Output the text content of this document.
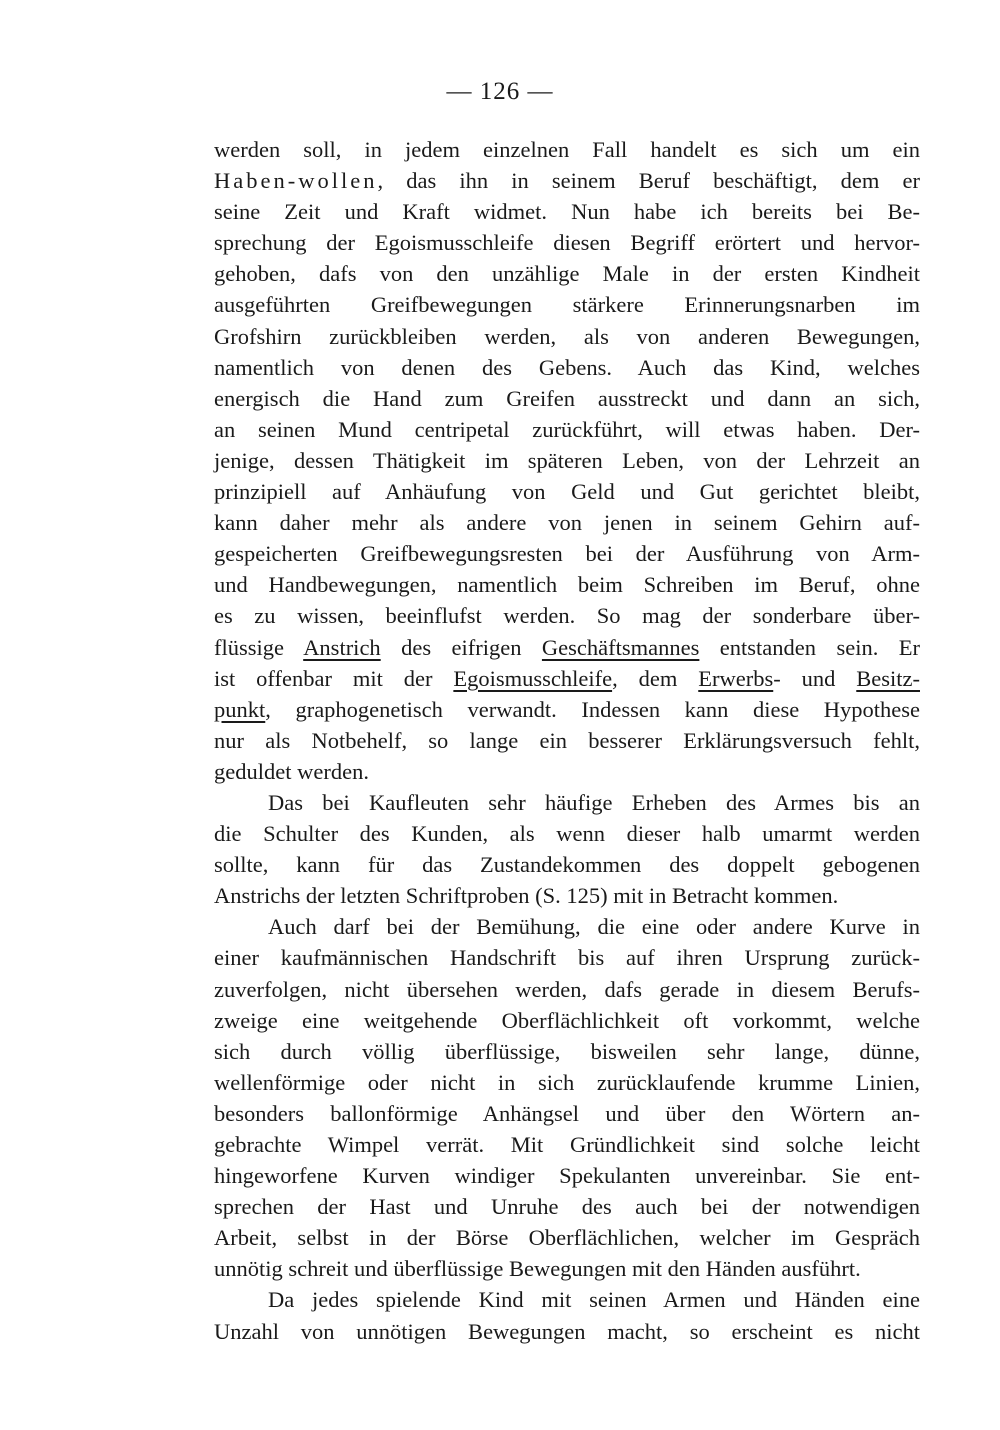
— 126 —
werden soll, in jedem einzelnen Fall handelt es sich um ein
Haben-wollen, das ihn in seinem Beruf beschäftigt, dem er
seine Zeit und Kraft widmet. Nun habe ich bereits bei Be-
sprechung der Egoismusschleife diesen Begriff erörtert und hervor-
gehoben, dafs von den unzählige Male in der ersten Kindheit
ausgeführten Greifbewegungen stärkere Erinnerungsnarben im
Grofshirn zurückbleiben werden, als von anderen Bewegungen,
namentlich von denen des Gebens. Auch das Kind, welches
energisch die Hand zum Greifen ausstreckt und dann an sich,
an seinen Mund centripetal zurückführt, will etwas haben. Der-
jenige, dessen Thätigkeit im späteren Leben, von der Lehrzeit an
prinzipiell auf Anhäufung von Geld und Gut gerichtet bleibt,
kann daher mehr als andere von jenen in seinem Gehirn auf-
gespeicherten Greifbewegungsresten bei der Ausführung von Arm-
und Handbewegungen, namentlich beim Schreiben im Beruf, ohne
es zu wissen, beeinflufst werden. So mag der sonderbare über-
flüssige Anstrich des eifrigen Geschäftsmannes entstanden sein. Er
ist offenbar mit der Egoismusschleife, dem Erwerbs- und Besitz-
punkt, graphogenetisch verwandt. Indessen kann diese Hypothese
nur als Notbehelf, so lange ein besserer Erklärungsversuch fehlt,
geduldet werden.
Das bei Kaufleuten sehr häufige Erheben des Armes bis an
die Schulter des Kunden, als wenn dieser halb umarmt werden
sollte, kann für das Zustandekommen des doppelt gebogenen
Anstrichs der letzten Schriftproben (S. 125) mit in Betracht kommen.
Auch darf bei der Bemühung, die eine oder andere Kurve in
einer kaufmännischen Handschrift bis auf ihren Ursprung zurück-
zuverfolgen, nicht übersehen werden, dafs gerade in diesem Berufs-
zweige eine weitgehende Oberflächlichkeit oft vorkommt, welche
sich durch völlig überflüssige, bisweilen sehr lange, dünne,
wellenförmige oder nicht in sich zurücklaufende krumme Linien,
besonders ballonförmige Anhängsel und über den Wörtern an-
gebrachte Wimpel verrät. Mit Gründlichkeit sind solche leicht
hingeworfene Kurven windiger Spekulanten unvereinbar. Sie ent-
sprechen der Hast und Unruhe des auch bei der notwendigen
Arbeit, selbst in der Börse Oberflächlichen, welcher im Gespräch
unnötig schreit und überflüssige Bewegungen mit den Händen ausführt.
Da jedes spielende Kind mit seinen Armen und Händen eine
Unzahl von unnötigen Bewegungen macht, so erscheint es nicht
